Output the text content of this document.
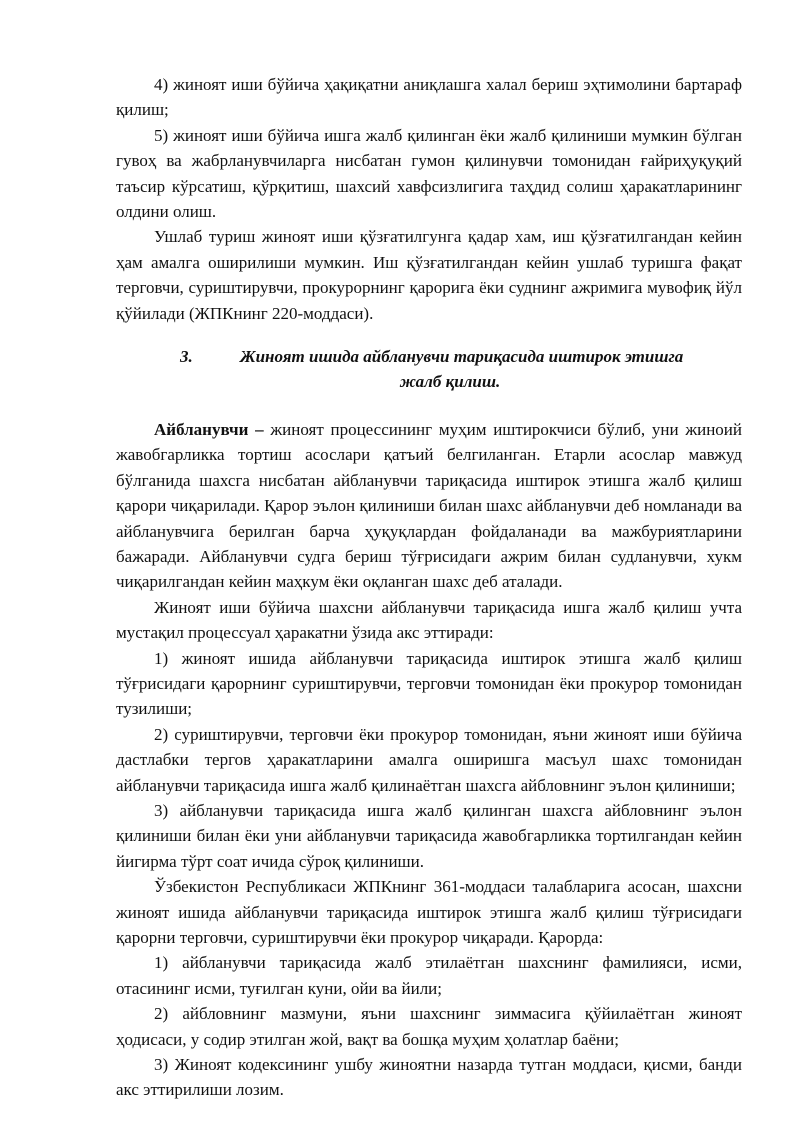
4) жиноят иши бўйича ҳақиқатни аниқлашга халал бериш эҳтимолини бартараф қилиш;

5) жиноят иши бўйича ишга жалб қилинган ёки жалб қилиниши мумкин бўлган гувоҳ ва жабрланувчиларга нисбатан гумон қилинувчи томонидан ғайриҳуқуқий таъсир кўрсатиш, қўрқитиш, шахсий хавфсизлигига таҳдид солиш ҳаракатларининг олдини олиш.

Ушлаб туриш жиноят иши қўзғатилгунга қадар хам, иш қўзғатилгандан кейин ҳам амалга оширилиши мумкин. Иш қўзғатилгандан кейин ушлаб туришга фақат терговчи, суриштирувчи, прокурорнинг қарорига ёки суднинг ажримига мувофиқ йўл қўйилади (ЖПКнинг 220-моддаси).

3.	Жиноят ишида айбланувчи тариқасида иштирок этишга
жалб қилиш.

Айбланувчи – жиноят процессининг муҳим иштирокчиси бўлиб, уни жиноий жавобгарликка тортиш асослари қатъий белгиланган. Етарли асослар мавжуд бўлганида шахсга нисбатан айбланувчи тариқасида иштирок этишга жалб қилиш қарори чиқарилади. Қарор эълон қилиниши билан шахс айбланувчи деб номланади ва айбланувчига берилган барча ҳуқуқлардан фойдаланади ва мажбуриятларини бажаради. Айбланувчи судга бериш тўғрисидаги ажрим билан судланувчи, хукм чиқарилгандан кейин маҳкум ёки оқланган шахс деб аталади.

Жиноят иши бўйича шахсни айбланувчи тариқасида ишга жалб қилиш учта мустақил процессуал ҳаракатни ўзида акс эттиради:

1) жиноят ишида айбланувчи тариқасида иштирок этишга жалб қилиш тўғрисидаги қарорнинг суриштирувчи, терговчи томонидан ёки прокурор томонидан тузилиши;

2) суриштирувчи, терговчи ёки прокурор томонидан, яъни жиноят иши бўйича дастлабки тергов ҳаракатларини амалга оширишга масъул шахс томонидан айбланувчи тариқасида ишга жалб қилинаётган шахсга айбловнинг эълон қилиниши;

3) айбланувчи тариқасида ишга жалб қилинган шахсга айбловнинг эълон қилиниши билан ёки уни айбланувчи тариқасида жавобгарликка тортилгандан кейин йигирма тўрт соат ичида сўроқ қилиниши.

Ўзбекистон Республикаси ЖПКнинг 361-моддаси талабларига асосан, шахсни жиноят ишида айбланувчи тариқасида иштирок этишга жалб қилиш тўғрисидаги қарорни терговчи, суриштирувчи ёки прокурор чиқаради. Қарорда:

1) айбланувчи тариқасида жалб этилаётган шахснинг фамилияси, исми, отасининг исми, туғилган куни, ойи ва йили;

2) айбловнинг мазмуни, яъни шахснинг зиммасига қўйилаётган жиноят ҳодисаси, у содир этилган жой, вақт ва бошқа муҳим ҳолатлар баёни;

3) Жиноят кодексининг ушбу жиноятни назарда тутган моддаси, қисми, банди акс эттирилиши лозим.
